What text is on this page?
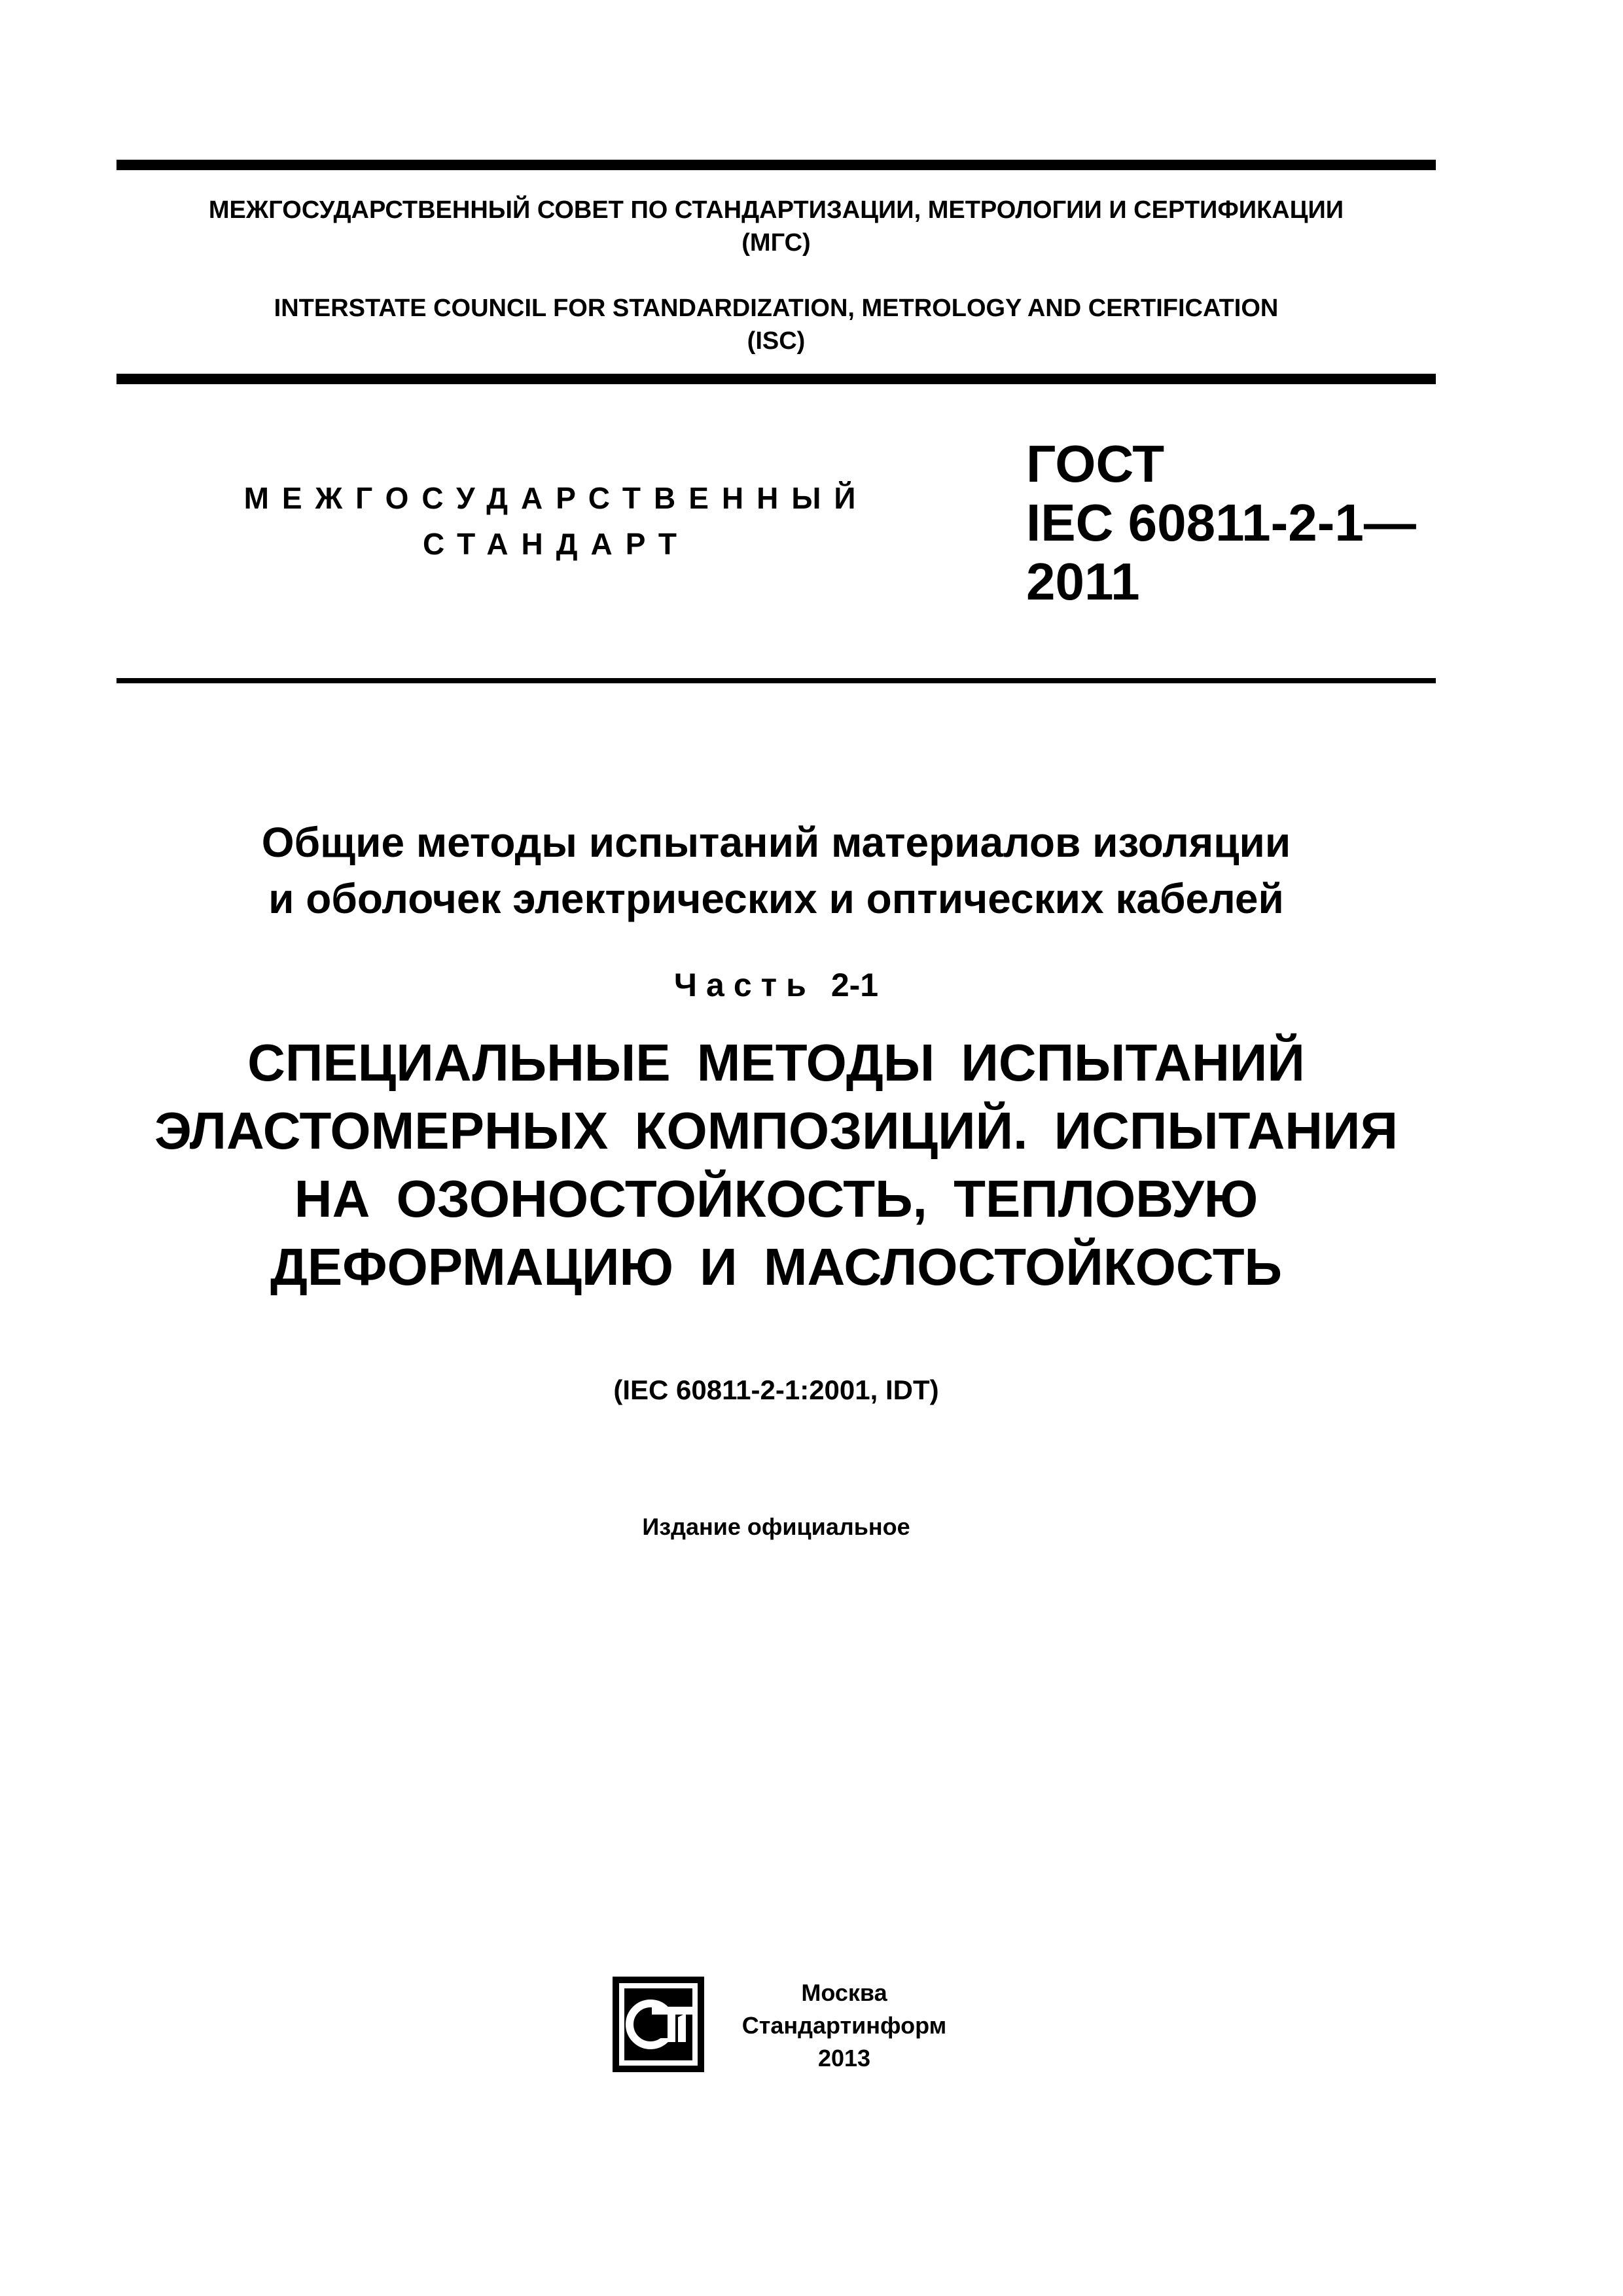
МЕЖГОСУДАРСТВЕННЫЙ СОВЕТ ПО СТАНДАРТИЗАЦИИ, МЕТРОЛОГИИ И СЕРТИФИКАЦИИ
(МГС)
INTERSTATE COUNCIL FOR STANDARDIZATION, METROLOGY AND CERTIFICATION
(ISC)
МЕЖГОСУДАРСТВЕННЫЙ
СТАНДАРТ
ГОСТ
IEC 60811-2-1—
2011
Общие методы испытаний материалов изоляции
и оболочек электрических и оптических кабелей
Часть 2-1
СПЕЦИАЛЬНЫЕ МЕТОДЫ ИСПЫТАНИЙ
ЭЛАСТОМЕРНЫХ КОМПОЗИЦИЙ. ИСПЫТАНИЯ
НА ОЗОНОСТОЙКОСТЬ, ТЕПЛОВУЮ
ДЕФОРМАЦИЮ И МАСЛОСТОЙКОСТЬ
(IEC 60811-2-1:2001, IDT)
Издание официальное
Москва
Стандартинформ
2013
